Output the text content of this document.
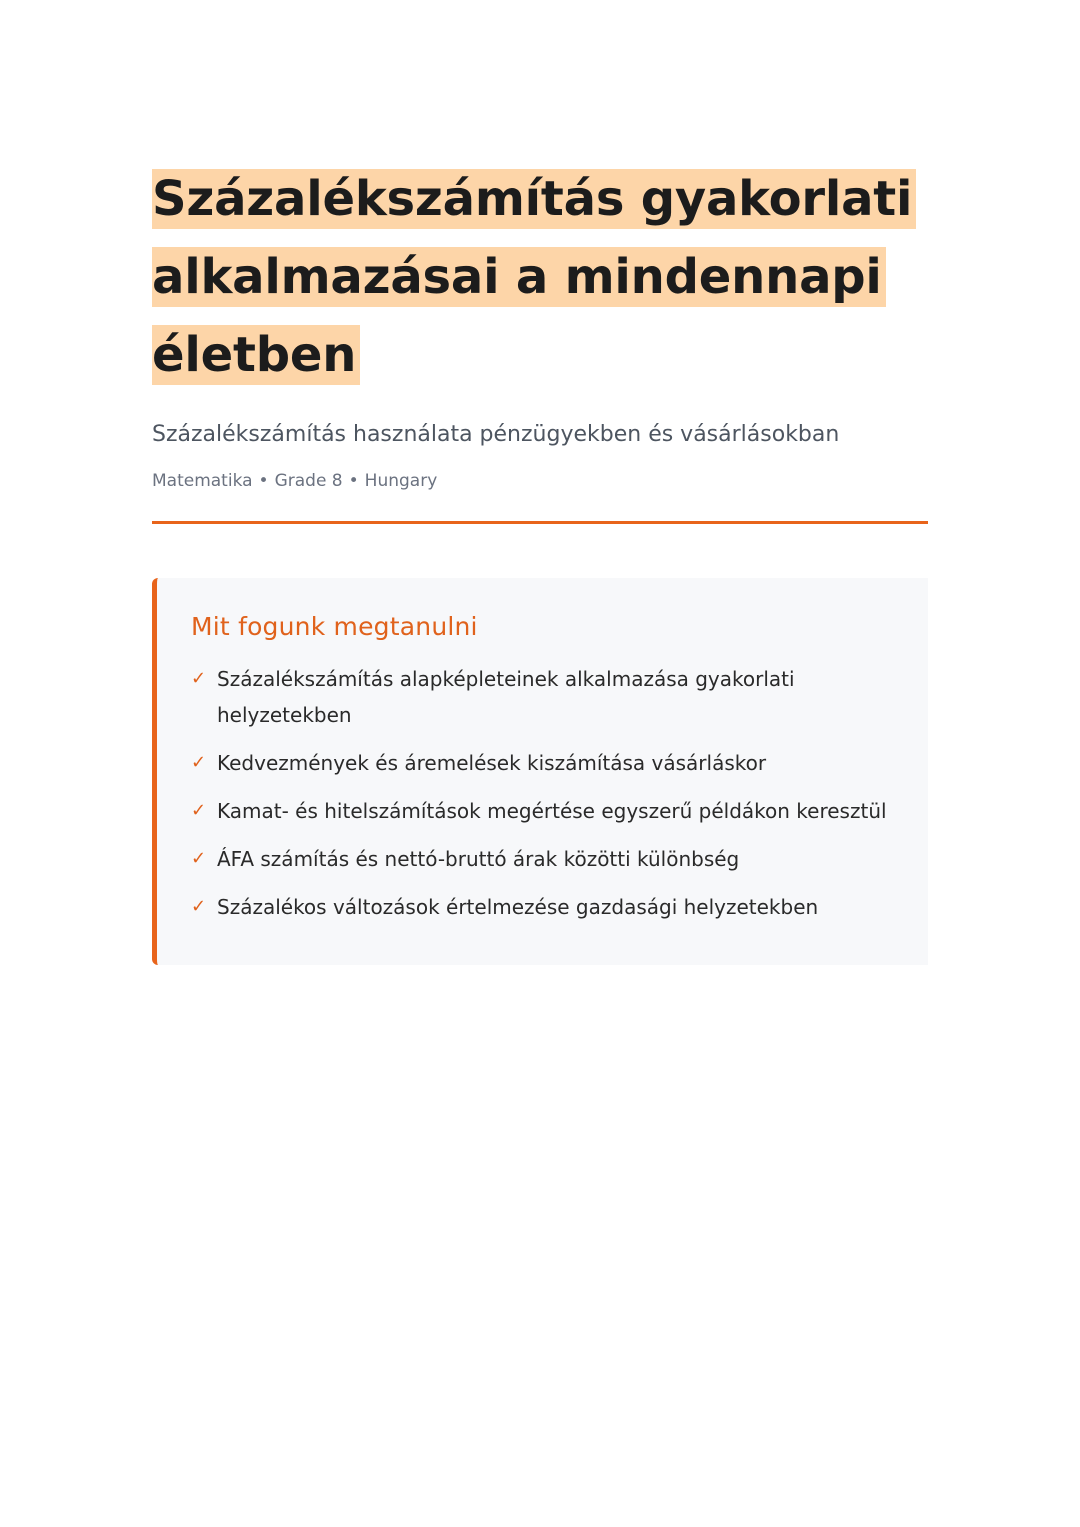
Százalékszámítás gyakorlati
alkalmazásai a mindennapi
életben

Százalékszámítás használata pénzügyekben és vásárlásokban

Matematika • Grade 8 • Hungary

Mit fogunk megtanulni
✓ Százalékszámítás alapképleteinek alkalmazása gyakorlati helyzetekben
✓ Kedvezmények és áremelések kiszámítása vásárláskor
✓ Kamat- és hitelszámítások megértése egyszerű példákon keresztül
✓ ÁFA számítás és nettó-bruttó árak közötti különbség
✓ Százalékos változások értelmezése gazdasági helyzetekben
